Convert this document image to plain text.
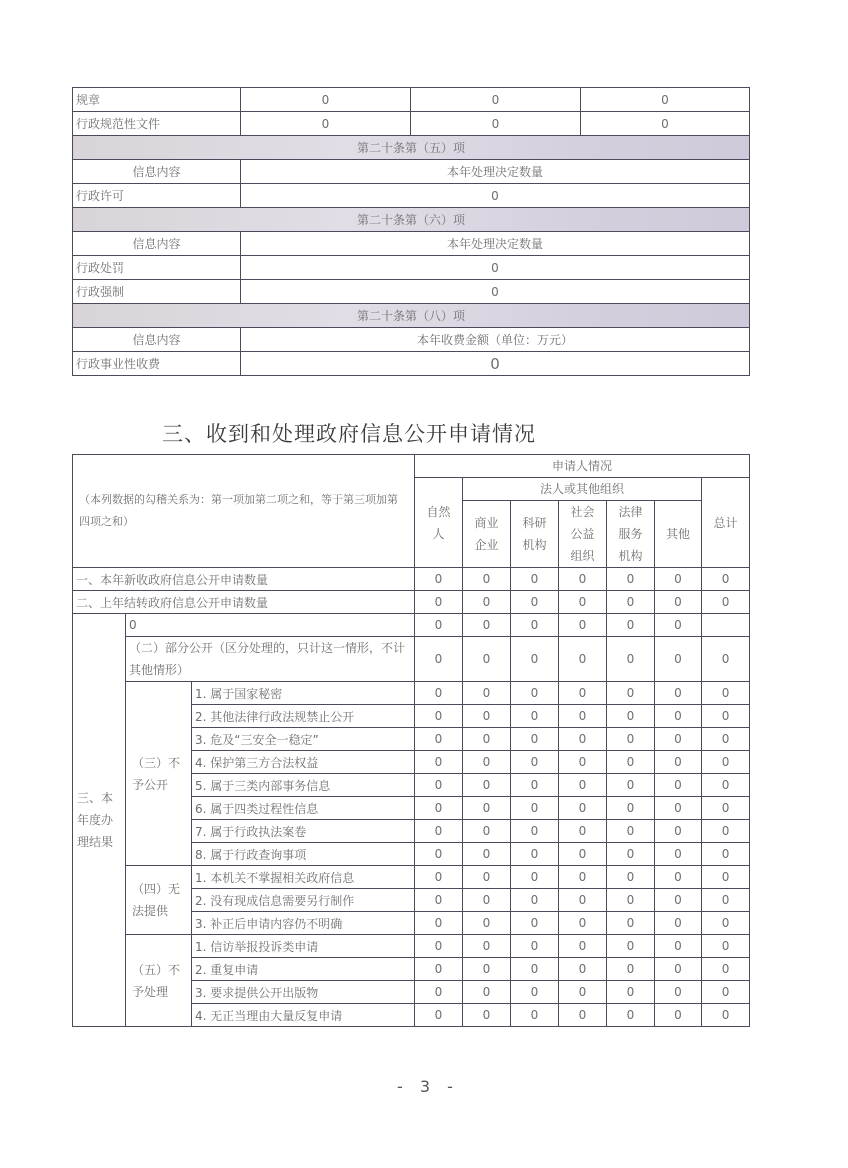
规章	0	0	0
行政规范性文件	0	0	0
第二十条第（五）项			
信息内容	本年处理决定数量		
行政许可	0		
第二十条第（六）项			
信息内容	本年处理决定数量		
行政处罚	0		
行政强制	0		
第二十条第（八）项			
信息内容	本年收费金额（单位：万元）		
行政事业性收费	0		
三、收到和处理政府信息公开申请情况
（本列数据的勾稽关系为：第一项加第二项之和，等于第三项加第四项之和）			申请人情况						
			自然人	法人或其他组织					总计
				商业企业	科研机构	社会公益组织	法律服务机构	其他	
一、本年新收政府信息公开申请数量			0	0	0	0	0	0	0
二、上年结转政府信息公开申请数量			0	0	0	0	0	0	0
三、本年度办理结果	0		0	0	0	0	0	0	
	（二）部分公开（区分处理的，只计这一情形，不计其他情形）		0	0	0	0	0	0	0
	（三）不予公开	1. 属于国家秘密	0	0	0	0	0	0	0
		2. 其他法律行政法规禁止公开	0	0	0	0	0	0	0
		3. 危及“三安全一稳定”	0	0	0	0	0	0	0
		4. 保护第三方合法权益	0	0	0	0	0	0	0
		5. 属于三类内部事务信息	0	0	0	0	0	0	0
		6. 属于四类过程性信息	0	0	0	0	0	0	0
		7. 属于行政执法案卷	0	0	0	0	0	0	0
		8. 属于行政查询事项	0	0	0	0	0	0	0
	（四）无法提供	1. 本机关不掌握相关政府信息	0	0	0	0	0	0	0
		2. 没有现成信息需要另行制作	0	0	0	0	0	0	0
		3. 补正后申请内容仍不明确	0	0	0	0	0	0	0
	（五）不予处理	1. 信访举报投诉类申请	0	0	0	0	0	0	0
		2. 重复申请	0	0	0	0	0	0	0
		3. 要求提供公开出版物	0	0	0	0	0	0	0
		4. 无正当理由大量反复申请	0	0	0	0	0	0	0
- 3 -
